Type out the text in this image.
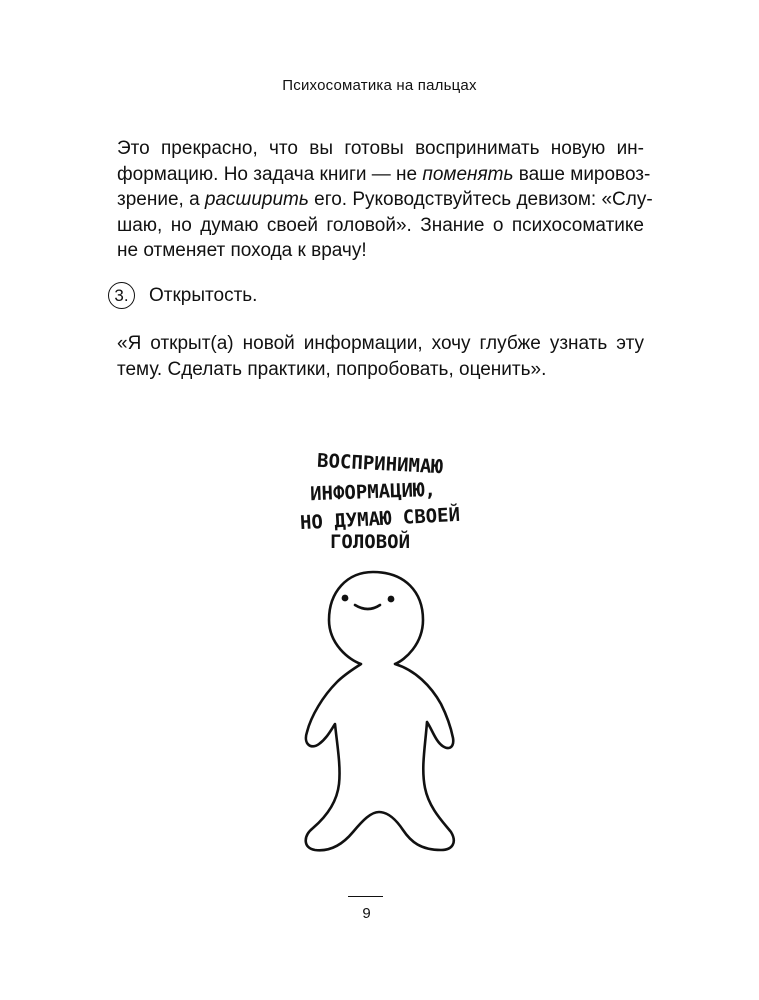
Психосоматика на пальцах
Это прекрасно, что вы готовы воспринимать новую ин-
формацию. Но задача книги — не поменять ваше мировоз-
зрение, а расширить его. Руководствуйтесь девизом: «Слу-
шаю, но думаю своей головой». Знание о психосоматике
не отменяет похода к врачу!
3.	Открытость.
«Я открыт(а) новой информации, хочу глубже узнать эту
тему. Сделать практики, попробовать, оценить».
ВОСПРИНИМАЮ
ИНФОРМАЦИЮ,
НО ДУМАЮ СВОЕЙ
ГОЛОВОЙ
9
